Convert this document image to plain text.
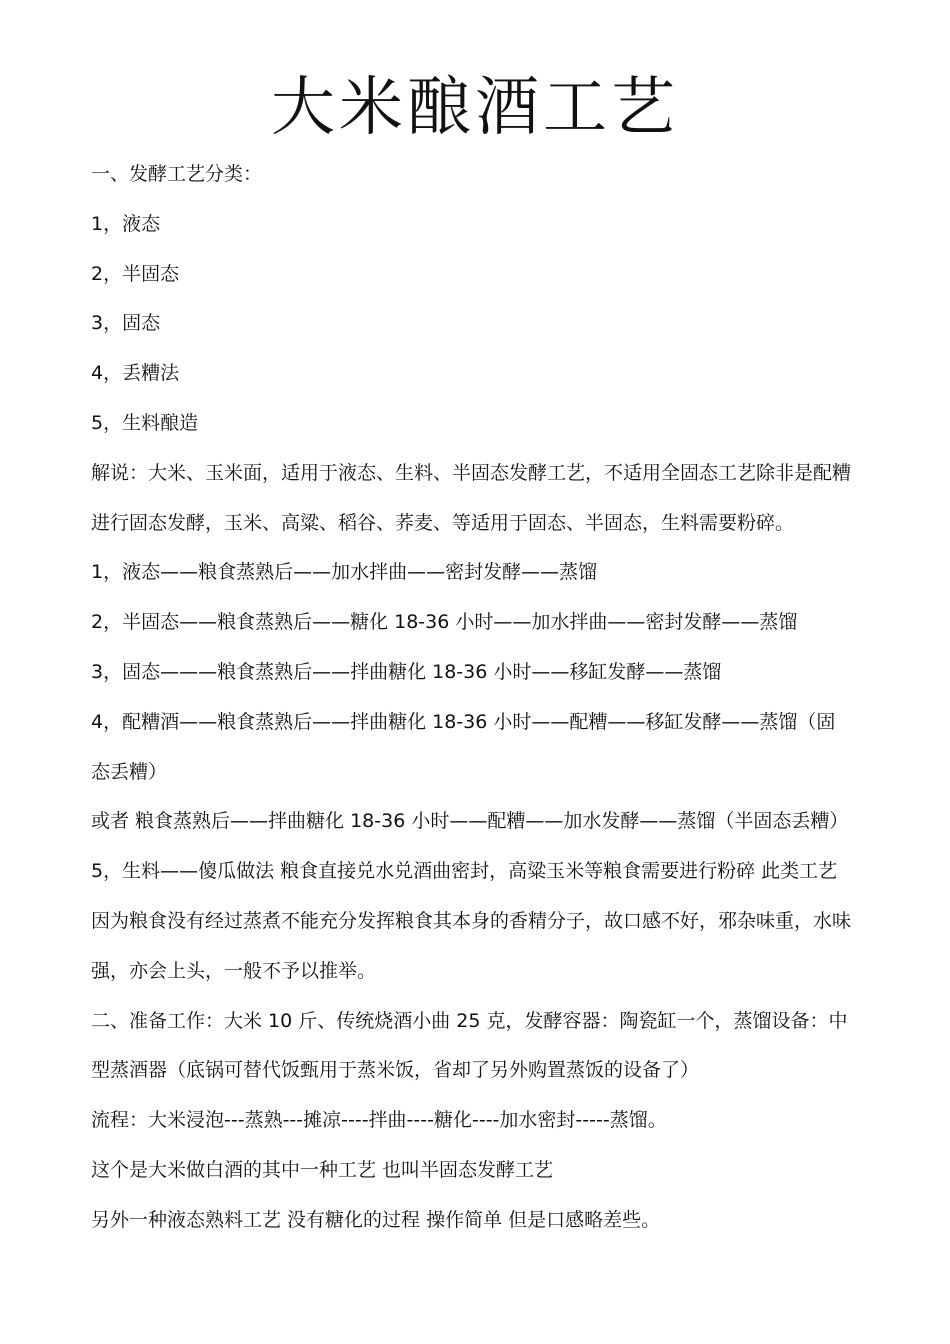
大米酿酒工艺

一、发酵工艺分类：

1，液态

2，半固态

3，固态

4，丢糟法

5，生料酿造

解说：大米、玉米面，适用于液态、生料、半固态发酵工艺，不适用全固态工艺除非是配糟

进行固态发酵，玉米、高粱、稻谷、荞麦、等适用于固态、半固态，生料需要粉碎。

1，液态——粮食蒸熟后——加水拌曲——密封发酵——蒸馏

2，半固态——粮食蒸熟后——糖化 18-36 小时——加水拌曲——密封发酵——蒸馏

3，固态———粮食蒸熟后——拌曲糖化 18-36 小时——移缸发酵——蒸馏

4，配糟酒——粮食蒸熟后——拌曲糖化 18-36 小时——配糟——移缸发酵——蒸馏（固

态丢糟）

或者 粮食蒸熟后——拌曲糖化 18-36 小时——配糟——加水发酵——蒸馏（半固态丢糟）

5，生料——傻瓜做法 粮食直接兑水兑酒曲密封，高粱玉米等粮食需要进行粉碎 此类工艺

因为粮食没有经过蒸煮不能充分发挥粮食其本身的香精分子，故口感不好，邪杂味重，水味

强，亦会上头，一般不予以推举。

二、准备工作：大米 10 斤、传统烧酒小曲 25 克，发酵容器：陶瓷缸一个，蒸馏设备：中

型蒸酒器（底锅可替代饭甄用于蒸米饭，省却了另外购置蒸饭的设备了）

流程：大米浸泡---蒸熟---摊凉----拌曲----糖化----加水密封-----蒸馏。

这个是大米做白酒的其中一种工艺 也叫半固态发酵工艺

另外一种液态熟料工艺 没有糖化的过程 操作简单 但是口感略差些。
